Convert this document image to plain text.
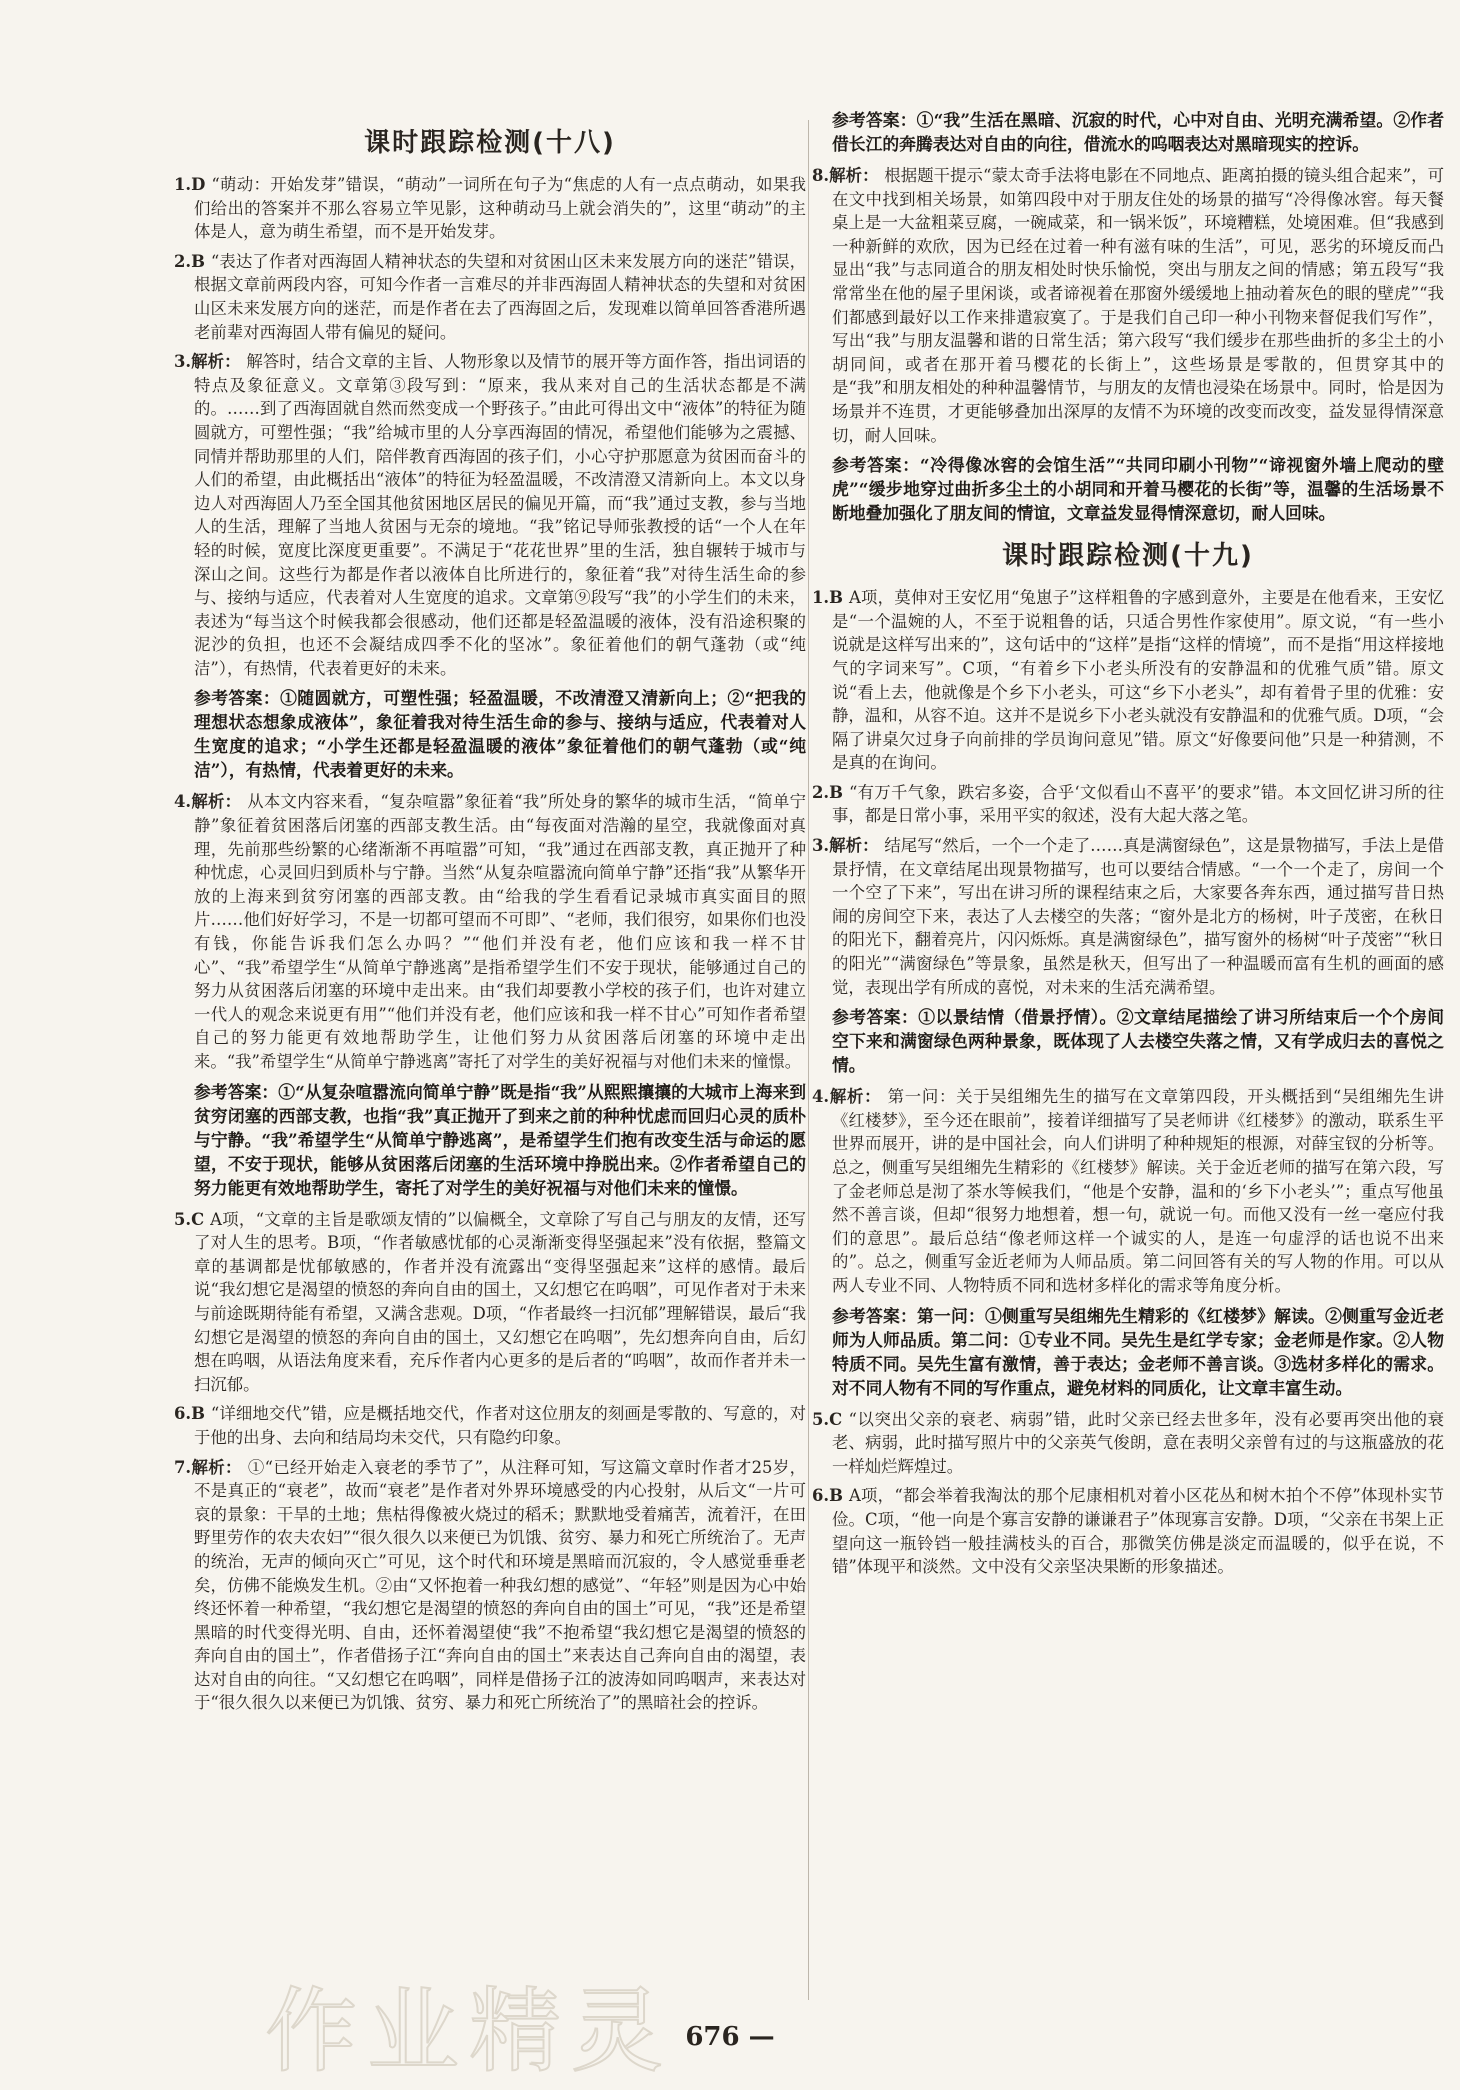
课时跟踪检测(十八)
1.D “萌动：开始发芽”错误，“萌动”一词所在句子为“焦虑的人有一点点萌动，如果我们给出的答案并不那么容易立竿见影，这种萌动马上就会消失的”，这里“萌动”的主体是人，意为萌生希望，而不是开始发芽。
2.B “表达了作者对西海固人精神状态的失望和对贫困山区未来发展方向的迷茫”错误，根据文章前两段内容，可知今作者一言难尽的并非西海固人精神状态的失望和对贫困山区未来发展方向的迷茫，而是作者在去了西海固之后，发现难以简单回答香港所遇老前辈对西海固人带有偏见的疑问。
3.解析： 解答时，结合文章的主旨、人物形象以及情节的展开等方面作答，指出词语的特点及象征意义。文章第③段写到：“原来，我从来对自己的生活状态都是不满的。……到了西海固就自然而然变成一个野孩子。”由此可得出文中“液体”的特征为随圆就方，可塑性强；“我”给城市里的人分享西海固的情况，希望他们能够为之震撼、同情并帮助那里的人们，陪伴教育西海固的孩子们，小心守护那愿意为贫困而奋斗的人们的希望，由此概括出“液体”的特征为轻盈温暖，不改清澄又清新向上。本文以身边人对西海固人乃至全国其他贫困地区居民的偏见开篇，而“我”通过支教，参与当地人的生活，理解了当地人贫困与无奈的境地。“我”铭记导师张教授的话“一个人在年轻的时候，宽度比深度更重要”。不满足于“花花世界”里的生活，独自辗转于城市与深山之间。这些行为都是作者以液体自比所进行的，象征着“我”对待生活生命的参与、接纳与适应，代表着对人生宽度的追求。文章第⑨段写“我”的小学生们的未来，表述为“每当这个时候我都会很感动，他们还都是轻盈温暖的液体，没有沿途积聚的泥沙的负担，也还不会凝结成四季不化的坚冰”。象征着他们的朝气蓬勃（或“纯洁”），有热情，代表着更好的未来。
参考答案：①随圆就方，可塑性强；轻盈温暖，不改清澄又清新向上；②“把我的理想状态想象成液体”，象征着我对待生活生命的参与、接纳与适应，代表着对人生宽度的追求；“小学生还都是轻盈温暖的液体”象征着他们的朝气蓬勃（或“纯洁”），有热情，代表着更好的未来。
4.解析： 从本文内容来看，“复杂喧嚣”象征着“我”所处身的繁华的城市生活，“简单宁静”象征着贫困落后闭塞的西部支教生活。由“每夜面对浩瀚的星空，我就像面对真理，先前那些纷繁的心绪渐渐不再喧嚣”可知，“我”通过在西部支教，真正抛开了种种忧虑，心灵回归到质朴与宁静。当然“从复杂喧嚣流向简单宁静”还指“我”从繁华开放的上海来到贫穷闭塞的西部支教。由“给我的学生看看记录城市真实面目的照片……他们好好学习，不是一切都可望而不可即”、“老师，我们很穷，如果你们也没有钱，你能告诉我们怎么办吗？”“他们并没有老，他们应该和我一样不甘心”、“我”希望学生“从简单宁静逃离”是指希望学生们不安于现状，能够通过自己的努力从贫困落后闭塞的环境中走出来。由“我们却要教小学校的孩子们，也许对建立一代人的观念来说更有用”“他们并没有老，他们应该和我一样不甘心”可知作者希望自己的努力能更有效地帮助学生，让他们努力从贫困落后闭塞的环境中走出来。“我”希望学生“从简单宁静逃离”寄托了对学生的美好祝福与对他们未来的憧憬。
参考答案：①“从复杂喧嚣流向简单宁静”既是指“我”从熙熙攘攘的大城市上海来到贫穷闭塞的西部支教，也指“我”真正抛开了到来之前的种种忧虑而回归心灵的质朴与宁静。“我”希望学生“从简单宁静逃离”，是希望学生们抱有改变生活与命运的愿望，不安于现状，能够从贫困落后闭塞的生活环境中挣脱出来。②作者希望自己的努力能更有效地帮助学生，寄托了对学生的美好祝福与对他们未来的憧憬。
5.C A项，“文章的主旨是歌颂友情的”以偏概全，文章除了写自己与朋友的友情，还写了对人生的思考。B项，“作者敏感忧郁的心灵渐渐变得坚强起来”没有依据，整篇文章的基调都是忧郁敏感的，作者并没有流露出“变得坚强起来”这样的感情。最后说“我幻想它是渴望的愤怒的奔向自由的国土，又幻想它在呜咽”，可见作者对于未来与前途既期待能有希望，又满含悲观。D项，“作者最终一扫沉郁”理解错误，最后“我幻想它是渴望的愤怒的奔向自由的国土，又幻想它在呜咽”，先幻想奔向自由，后幻想在呜咽，从语法角度来看，充斥作者内心更多的是后者的“呜咽”，故而作者并未一扫沉郁。
6.B “详细地交代”错，应是概括地交代，作者对这位朋友的刻画是零散的、写意的，对于他的出身、去向和结局均未交代，只有隐约印象。
7.解析： ①“已经开始走入衰老的季节了”，从注释可知，写这篇文章时作者才25岁，不是真正的“衰老”，故而“衰老”是作者对外界环境感受的内心投射，从后文“一片可哀的景象：干旱的土地；焦枯得像被火烧过的稻禾；默默地受着痛苦，流着汗，在田野里劳作的农夫农妇”“很久很久以来便已为饥饿、贫穷、暴力和死亡所统治了。无声的统治，无声的倾向灭亡”可见，这个时代和环境是黑暗而沉寂的，令人感觉垂垂老矣，仿佛不能焕发生机。②由“又怀抱着一种我幻想的感觉”、“年轻”则是因为心中始终还怀着一种希望，“我幻想它是渴望的愤怒的奔向自由的国土”可见，“我”还是希望黑暗的时代变得光明、自由，还怀着渴望使“我”不抱希望“我幻想它是渴望的愤怒的奔向自由的国土”，作者借扬子江“奔向自由的国土”来表达自己奔向自由的渴望，表达对自由的向往。“又幻想它在呜咽”，同样是借扬子江的波涛如同呜咽声，来表达对于“很久很久以来便已为饥饿、贫穷、暴力和死亡所统治了”的黑暗社会的控诉。
参考答案：①“我”生活在黑暗、沉寂的时代，心中对自由、光明充满希望。②作者借长江的奔腾表达对自由的向往，借流水的呜咽表达对黑暗现实的控诉。
8.解析： 根据题干提示“蒙太奇手法将电影在不同地点、距离拍摄的镜头组合起来”，可在文中找到相关场景，如第四段中对于朋友住处的场景的描写“冷得像冰窖。每天餐桌上是一大盆粗菜豆腐，一碗咸菜，和一锅米饭”，环境糟糕，处境困难。但“我感到一种新鲜的欢欣，因为已经在过着一种有滋有味的生活”，可见，恶劣的环境反而凸显出“我”与志同道合的朋友相处时快乐愉悦，突出与朋友之间的情感；第五段写“我常常坐在他的屋子里闲谈，或者谛视着在那窗外缓缓地上抽动着灰色的眼的壁虎”“我们都感到最好以工作来排遣寂寞了。于是我们自己印一种小刊物来督促我们写作”，写出“我”与朋友温馨和谐的日常生活；第六段写“我们缓步在那些曲折的多尘土的小胡同间，或者在那开着马樱花的长街上”，这些场景是零散的，但贯穿其中的是“我”和朋友相处的种种温馨情节，与朋友的友情也浸染在场景中。同时，恰是因为场景并不连贯，才更能够叠加出深厚的友情不为环境的改变而改变，益发显得情深意切，耐人回味。
参考答案：“冷得像冰窖的会馆生活”“共同印刷小刊物”“谛视窗外墙上爬动的壁虎”“缓步地穿过曲折多尘土的小胡同和开着马樱花的长街”等，温馨的生活场景不断地叠加强化了朋友间的情谊，文章益发显得情深意切，耐人回味。
课时跟踪检测(十九)
1.B A项，莫伸对王安忆用“兔崽子”这样粗鲁的字感到意外，主要是在他看来，王安忆是“一个温婉的人，不至于说粗鲁的话，只适合男性作家使用”。原文说，“有一些小说就是这样写出来的”，这句话中的“这样”是指“这样的情境”，而不是指“用这样接地气的字词来写”。C项，“有着乡下小老头所没有的安静温和的优雅气质”错。原文说“看上去，他就像是个乡下小老头，可这“乡下小老头”，却有着骨子里的优雅：安静，温和，从容不迫。这并不是说乡下小老头就没有安静温和的优雅气质。D项，“会隔了讲桌欠过身子向前排的学员询问意见”错。原文“好像要问他”只是一种猜测，不是真的在询问。
2.B “有万千气象，跌宕多姿，合乎‘文似看山不喜平’的要求”错。本文回忆讲习所的往事，都是日常小事，采用平实的叙述，没有大起大落之笔。
3.解析： 结尾写“然后，一个一个走了……真是满窗绿色”，这是景物描写，手法上是借景抒情，在文章结尾出现景物描写，也可以要结合情感。“一个一个走了，房间一个一个空了下来”，写出在讲习所的课程结束之后，大家要各奔东西，通过描写昔日热闹的房间空下来，表达了人去楼空的失落；“窗外是北方的杨树，叶子茂密，在秋日的阳光下，翻着亮片，闪闪烁烁。真是满窗绿色”，描写窗外的杨树“叶子茂密”“秋日的阳光”“满窗绿色”等景象，虽然是秋天，但写出了一种温暖而富有生机的画面的感觉，表现出学有所成的喜悦，对未来的生活充满希望。
参考答案：①以景结情（借景抒情）。②文章结尾描绘了讲习所结束后一个个房间空下来和满窗绿色两种景象，既体现了人去楼空失落之情，又有学成归去的喜悦之情。
4.解析： 第一问：关于吴组缃先生的描写在文章第四段，开头概括到“吴组缃先生讲《红楼梦》，至今还在眼前”，接着详细描写了吴老师讲《红楼梦》的激动，联系生平世界而展开，讲的是中国社会，向人们讲明了种种规矩的根源，对薛宝钗的分析等。总之，侧重写吴组缃先生精彩的《红楼梦》解读。关于金近老师的描写在第六段，写了金老师总是沏了茶水等候我们，“他是个安静，温和的‘乡下小老头’”；重点写他虽然不善言谈，但却“很努力地想着，想一句，就说一句。而他又没有一丝一毫应付我们的意思”。最后总结“像老师这样一个诚实的人，是连一句虚浮的话也说不出来的”。总之，侧重写金近老师为人师品质。第二问回答有关的写人物的作用。可以从两人专业不同、人物特质不同和选材多样化的需求等角度分析。
参考答案：第一问：①侧重写吴组缃先生精彩的《红楼梦》解读。②侧重写金近老师为人师品质。第二问：①专业不同。吴先生是红学专家；金老师是作家。②人物特质不同。吴先生富有激情，善于表达；金老师不善言谈。③选材多样化的需求。对不同人物有不同的写作重点，避免材料的同质化，让文章丰富生动。
5.C “以突出父亲的衰老、病弱”错，此时父亲已经去世多年，没有必要再突出他的衰老、病弱，此时描写照片中的父亲英气俊朗，意在表明父亲曾有过的与这瓶盛放的花一样灿烂辉煌过。
6.B A项，“都会举着我淘汰的那个尼康相机对着小区花丛和树木拍个不停”体现朴实节俭。C项，“他一向是个寡言安静的谦谦君子”体现寡言安静。D项，“父亲在书架上正望向这一瓶铃铛一般挂满枝头的百合，那微笑仿佛是淡定而温暖的，似乎在说，不错”体现平和淡然。文中没有父亲坚决果断的形象描述。
作业精灵 676 —
